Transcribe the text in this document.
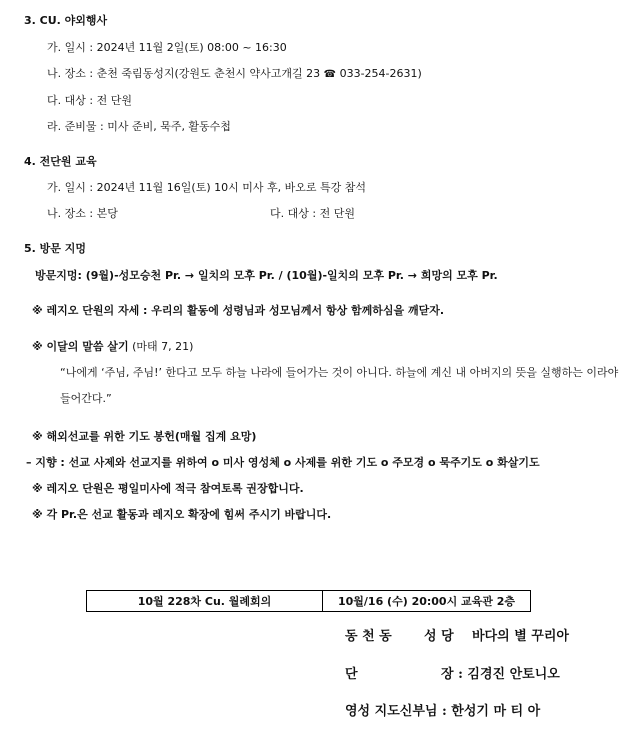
3. CU. 야외행사
가. 일시 : 2024년 11월 2일(토) 08:00 ~ 16:30
나. 장소 : 춘천 죽림동성지(강원도 춘천시 약사고개길 23 ☎ 033-254-2631)
다. 대상 : 전 단원
라. 준비물 : 미사 준비, 묵주, 활동수첩
4. 전단원 교육
가. 일시 : 2024년 11월 16일(토) 10시 미사 후, 바오로 특강 참석
나. 장소 : 본당	다. 대상 : 전 단원
5. 방문 지멍
방문지멍: (9월)-성모승천 Pr. → 일치의 모후 Pr. / (10월)-일치의 모후 Pr. → 희망의 모후 Pr.
※ 레지오 단원의 자세 : 우리의 활동에 성령님과 성모님께서 항상 함께하심을 깨닫자.
※ 이달의 말씀 살기 (마태 7, 21)
“나에게 ‘주님, 주님!’ 한다고 모두 하늘 나라에 들어가는 것이 아니다. 하늘에 계신 내 아버지의 뜻을 실행하는 이라야 들어간다.”
※ 해외선교를 위한 기도 봉헌(매월 집계 요망)
– 지향 : 선교 사제와 선교지를 위하여 o 미사 영성체 o 사제를 위한 기도 o 주모경 o 묵주기도 o 화살기도
※ 레지오 단원은 평일미사에 적극 참여토록 권장합니다.
※ 각 Pr.은 선교 활동과 레지오 확장에 힘써 주시기 바랍니다.
10월 228차 Cu. 월례회의	10월/16 (수) 20:00시 교육관 2층
동 천 동 성 당 바다의 별 꾸리아
단	장 : 김경진 안토니오
영성 지도신부님 : 한성기 마 티 아
